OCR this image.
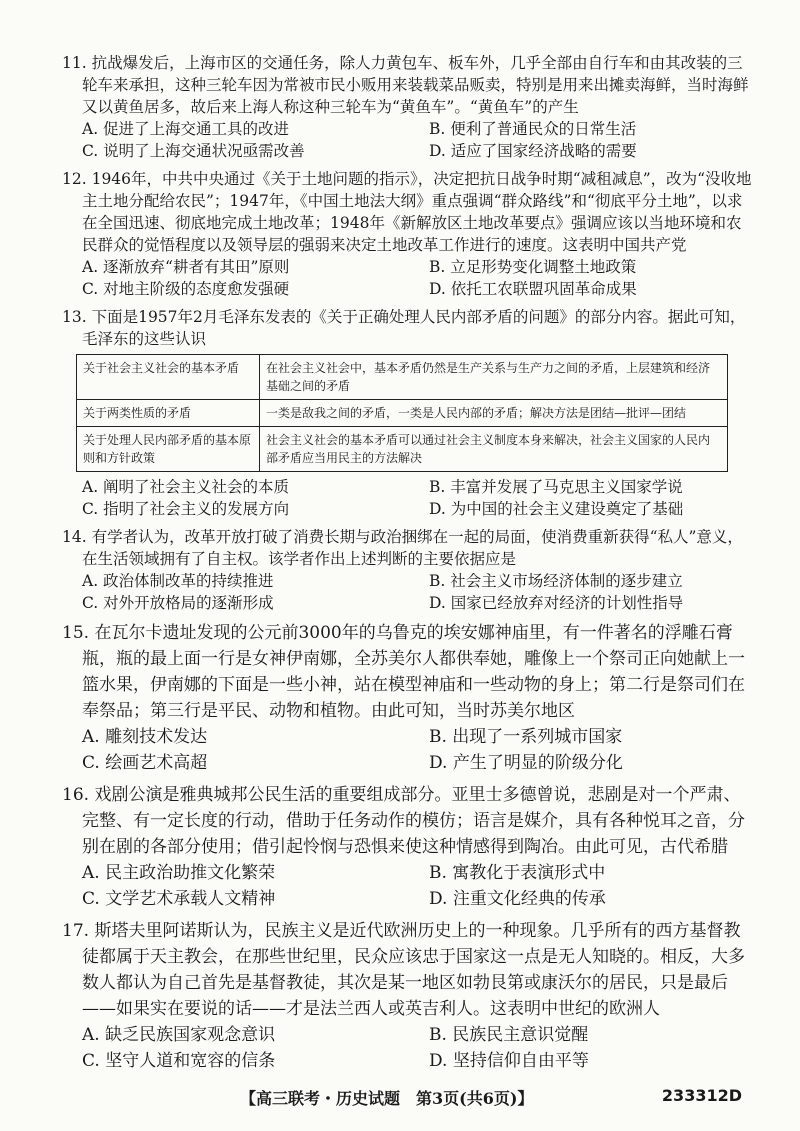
11. 抗战爆发后，上海市区的交通任务，除人力黄包车、板车外，几乎全部由自行车和由其改装的三轮车来承担，这种三轮车因为常被市民小贩用来装载菜品贩卖，特别是用来出摊卖海鲜，当时海鲜又以黄鱼居多，故后来上海人称这种三轮车为“黄鱼车”。“黄鱼车”的产生
A. 促进了上海交通工具的改进	B. 便利了普通民众的日常生活
C. 说明了上海交通状况亟需改善	D. 适应了国家经济战略的需要
12. 1946年，中共中央通过《关于土地问题的指示》，决定把抗日战争时期“减租减息”，改为“没收地主土地分配给农民”；1947年，《中国土地法大纲》重点强调“群众路线”和“彻底平分土地”，以求在全国迅速、彻底地完成土地改革；1948年《新解放区土地改革要点》强调应该以当地环境和农民群众的觉悟程度以及领导层的强弱来决定土地改革工作进行的速度。这表明中国共产党
A. 逐渐放弃“耕者有其田”原则	B. 立足形势变化调整土地政策
C. 对地主阶级的态度愈发强硬	D. 依托工农联盟巩固革命成果
13. 下面是1957年2月毛泽东发表的《关于正确处理人民内部矛盾的问题》的部分内容。据此可知，毛泽东的这些认识
关于社会主义社会的基本矛盾	在社会主义社会中，基本矛盾仍然是生产关系与生产力之间的矛盾，上层建筑和经济基础之间的矛盾
关于两类性质的矛盾	一类是敌我之间的矛盾，一类是人民内部的矛盾；解决方法是团结—批评—团结
关于处理人民内部矛盾的基本原则和方针政策	社会主义社会的基本矛盾可以通过社会主义制度本身来解决，社会主义国家的人民内部矛盾应当用民主的方法解决
A. 阐明了社会主义社会的本质	B. 丰富并发展了马克思主义国家学说
C. 指明了社会主义的发展方向	D. 为中国的社会主义建设奠定了基础
14. 有学者认为，改革开放打破了消费长期与政治捆绑在一起的局面，使消费重新获得“私人”意义，在生活领域拥有了自主权。该学者作出上述判断的主要依据应是
A. 政治体制改革的持续推进	B. 社会主义市场经济体制的逐步建立
C. 对外开放格局的逐渐形成	D. 国家已经放弃对经济的计划性指导
15. 在瓦尔卡遗址发现的公元前3000年的乌鲁克的埃安娜神庙里，有一件著名的浮雕石膏瓶，瓶的最上面一行是女神伊南娜，全苏美尔人都供奉她，雕像上一个祭司正向她献上一篮水果，伊南娜的下面是一些小神，站在模型神庙和一些动物的身上；第二行是祭司们在奉祭品；第三行是平民、动物和植物。由此可知，当时苏美尔地区
A. 雕刻技术发达	B. 出现了一系列城市国家
C. 绘画艺术高超	D. 产生了明显的阶级分化
16. 戏剧公演是雅典城邦公民生活的重要组成部分。亚里士多德曾说，悲剧是对一个严肃、完整、有一定长度的行动，借助于任务动作的模仿；语言是媒介，具有各种悦耳之音，分别在剧的各部分使用；借引起怜悯与恐惧来使这种情感得到陶冶。由此可见，古代希腊
A. 民主政治助推文化繁荣	B. 寓教化于表演形式中
C. 文学艺术承载人文精神	D. 注重文化经典的传承
17. 斯塔夫里阿诺斯认为，民族主义是近代欧洲历史上的一种现象。几乎所有的西方基督教徒都属于天主教会，在那些世纪里，民众应该忠于国家这一点是无人知晓的。相反，大多数人都认为自己首先是基督教徒，其次是某一地区如勃艮第或康沃尔的居民，只是最后——如果实在要说的话——才是法兰西人或英吉利人。这表明中世纪的欧洲人
A. 缺乏民族国家观念意识	B. 民族民主意识觉醒
C. 坚守人道和宽容的信条	D. 坚持信仰自由平等
【高三联考・历史试题　第3页(共6页)】	233312D
